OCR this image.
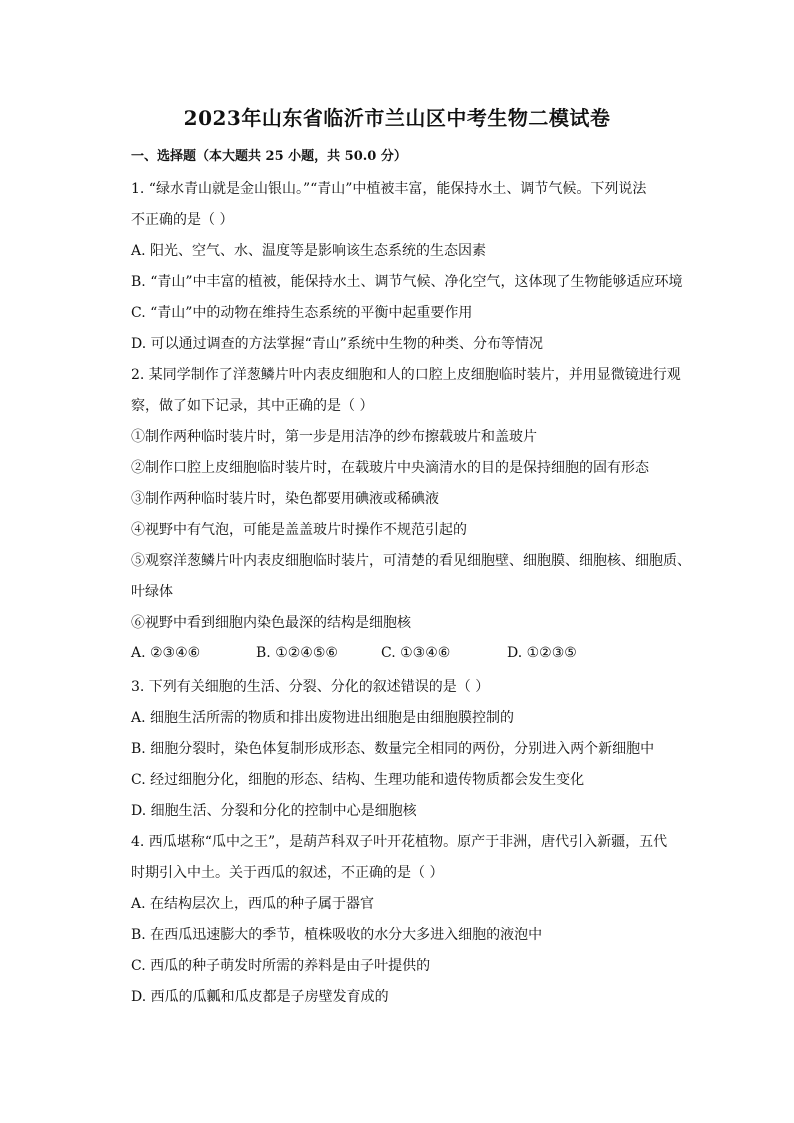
2023年山东省临沂市兰山区中考生物二模试卷
一、选择题（本大题共 25 小题，共 50.0 分）
1. “绿水青山就是金山银山。”“青山”中植被丰富，能保持水土、调节气候。下列说法
不正确的是（ ）
A. 阳光、空气、水、温度等是影响该生态系统的生态因素
B. “青山”中丰富的植被，能保持水土、调节气候、净化空气，这体现了生物能够适应环境
C. “青山”中的动物在维持生态系统的平衡中起重要作用
D. 可以通过调查的方法掌握“青山”系统中生物的种类、分布等情况
2. 某同学制作了洋葱鳞片叶内表皮细胞和人的口腔上皮细胞临时装片，并用显微镜进行观
察，做了如下记录，其中正确的是（ ）
①制作两种临时装片时，第一步是用洁净的纱布擦载玻片和盖玻片
②制作口腔上皮细胞临时装片时，在载玻片中央滴清水的目的是保持细胞的固有形态
③制作两种临时装片时，染色都要用碘液或稀碘液
④视野中有气泡，可能是盖盖玻片时操作不规范引起的
⑤观察洋葱鳞片叶内表皮细胞临时装片，可清楚的看见细胞壁、细胞膜、细胞核、细胞质、
叶绿体
⑥视野中看到细胞内染色最深的结构是细胞核
A. ②③④⑥	B. ①②④⑤⑥	C. ①③④⑥	D. ①②③⑤
3. 下列有关细胞的生活、分裂、分化的叙述错误的是（ ）
A. 细胞生活所需的物质和排出废物进出细胞是由细胞膜控制的
B. 细胞分裂时，染色体复制形成形态、数量完全相同的两份，分别进入两个新细胞中
C. 经过细胞分化，细胞的形态、结构、生理功能和遗传物质都会发生变化
D. 细胞生活、分裂和分化的控制中心是细胞核
4. 西瓜堪称“瓜中之王”，是葫芦科双子叶开花植物。原产于非洲，唐代引入新疆，五代
时期引入中土。关于西瓜的叙述，不正确的是（ ）
A. 在结构层次上，西瓜的种子属于器官
B. 在西瓜迅速膨大的季节，植株吸收的水分大多进入细胞的液泡中
C. 西瓜的种子萌发时所需的养料是由子叶提供的
D. 西瓜的瓜瓤和瓜皮都是子房壁发育成的
